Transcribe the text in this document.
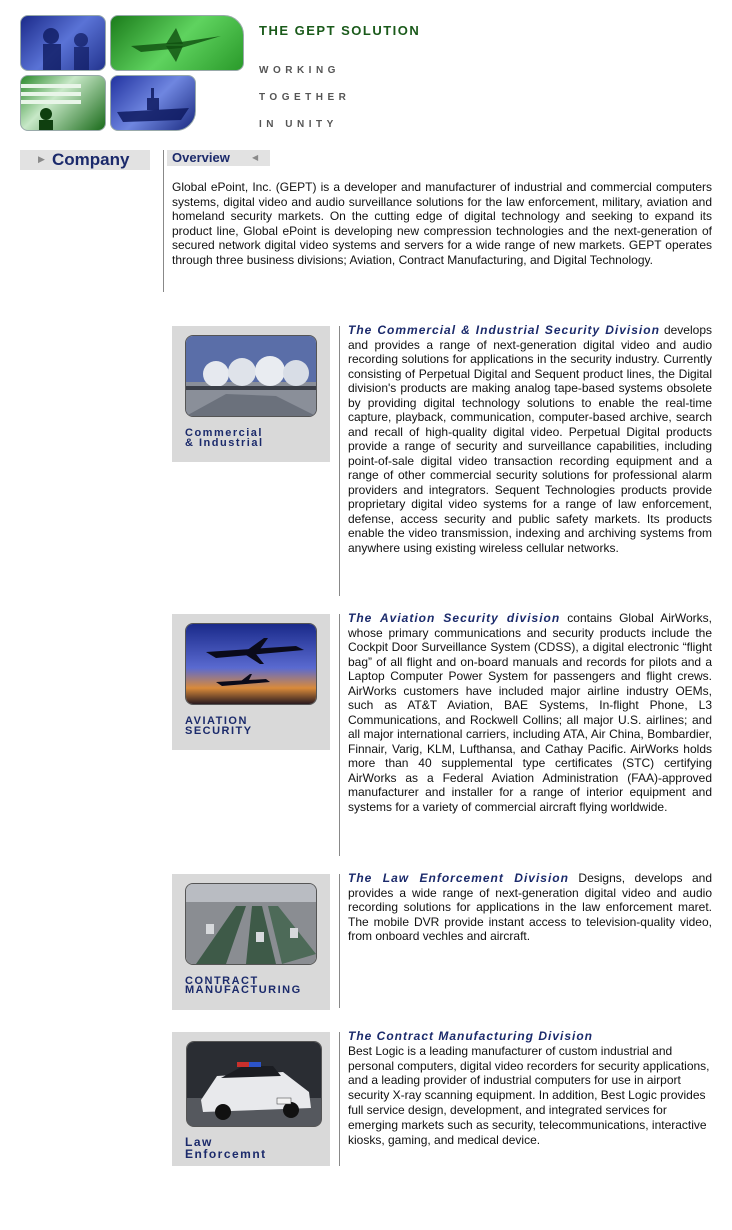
THE GEPT SOLUTION
WORKING
TOGETHER
IN UNITY
▶ Company	Overview	◀
Global ePoint, Inc. (GEPT) is a developer and manufacturer of industrial and commercial computers systems, digital video and audio surveillance solutions for the law enforcement, military, aviation and homeland security markets. On the cutting edge of digital technology and seeking to expand its product line, Global ePoint is developing new compression technologies and the next-generation of secured network digital video systems and servers for a wide range of new markets. GEPT operates through three business divisions; Aviation, Contract Manufacturing, and Digital Technology.
Commercial
& Industrial
The Commercial & Industrial Security Division develops and provides a range of next-generation digital video and audio recording solutions for applications in the security industry. Currently consisting of Perpetual Digital and Sequent product lines, the Digital division's products are making analog tape-based systems obsolete by providing digital technology solutions to enable the real-time capture, playback, communication, computer-based archive, search and recall of high-quality digital video. Perpetual Digital products provide a range of security and surveillance capabilities, including point-of-sale digital video transaction recording equipment and a range of other commercial security solutions for professional alarm providers and integrators. Sequent Technologies products provide proprietary digital video systems for a range of law enforcement, defense, access security and public safety markets. Its products enable the video transmission, indexing and archiving systems from anywhere using existing wireless cellular networks.
AVIATION
SECURITY
The Aviation Security division contains Global AirWorks, whose primary communications and security products include the Cockpit Door Surveillance System (CDSS), a digital electronic “flight bag” of all flight and on-board manuals and records for pilots and a Laptop Computer Power System for passengers and flight crews. AirWorks customers have included major airline industry OEMs, such as AT&T Aviation, BAE Systems, In-flight Phone, L3 Communications, and Rockwell Collins; all major U.S. airlines; and all major international carriers, including ATA, Air China, Bombardier, Finnair, Varig, KLM, Lufthansa, and Cathay Pacific. AirWorks holds more than 40 supplemental type certificates (STC) certifying AirWorks as a Federal Aviation Administration (FAA)-approved manufacturer and installer for a range of interior equipment and systems for a variety of commercial aircraft flying worldwide.
CONTRACT
MANUFACTURING
The Law Enforcement Division Designs, develops and provides a wide range of next-generation digital video and audio recording solutions for applications in the law enforcement maret. The mobile DVR provide instant access to television-quality video, from onboard vechles and aircraft.
Law
Enforcemnt
The Contract Manufacturing Division
Best Logic is a leading manufacturer of custom industrial and personal computers, digital video recorders for security applications, and a leading provider of industrial computers for use in airport security X-ray scanning equipment. In addition, Best Logic provides full service design, development, and integrated services for emerging markets such as security, telecommunications, interactive kiosks, gaming, and medical device.
